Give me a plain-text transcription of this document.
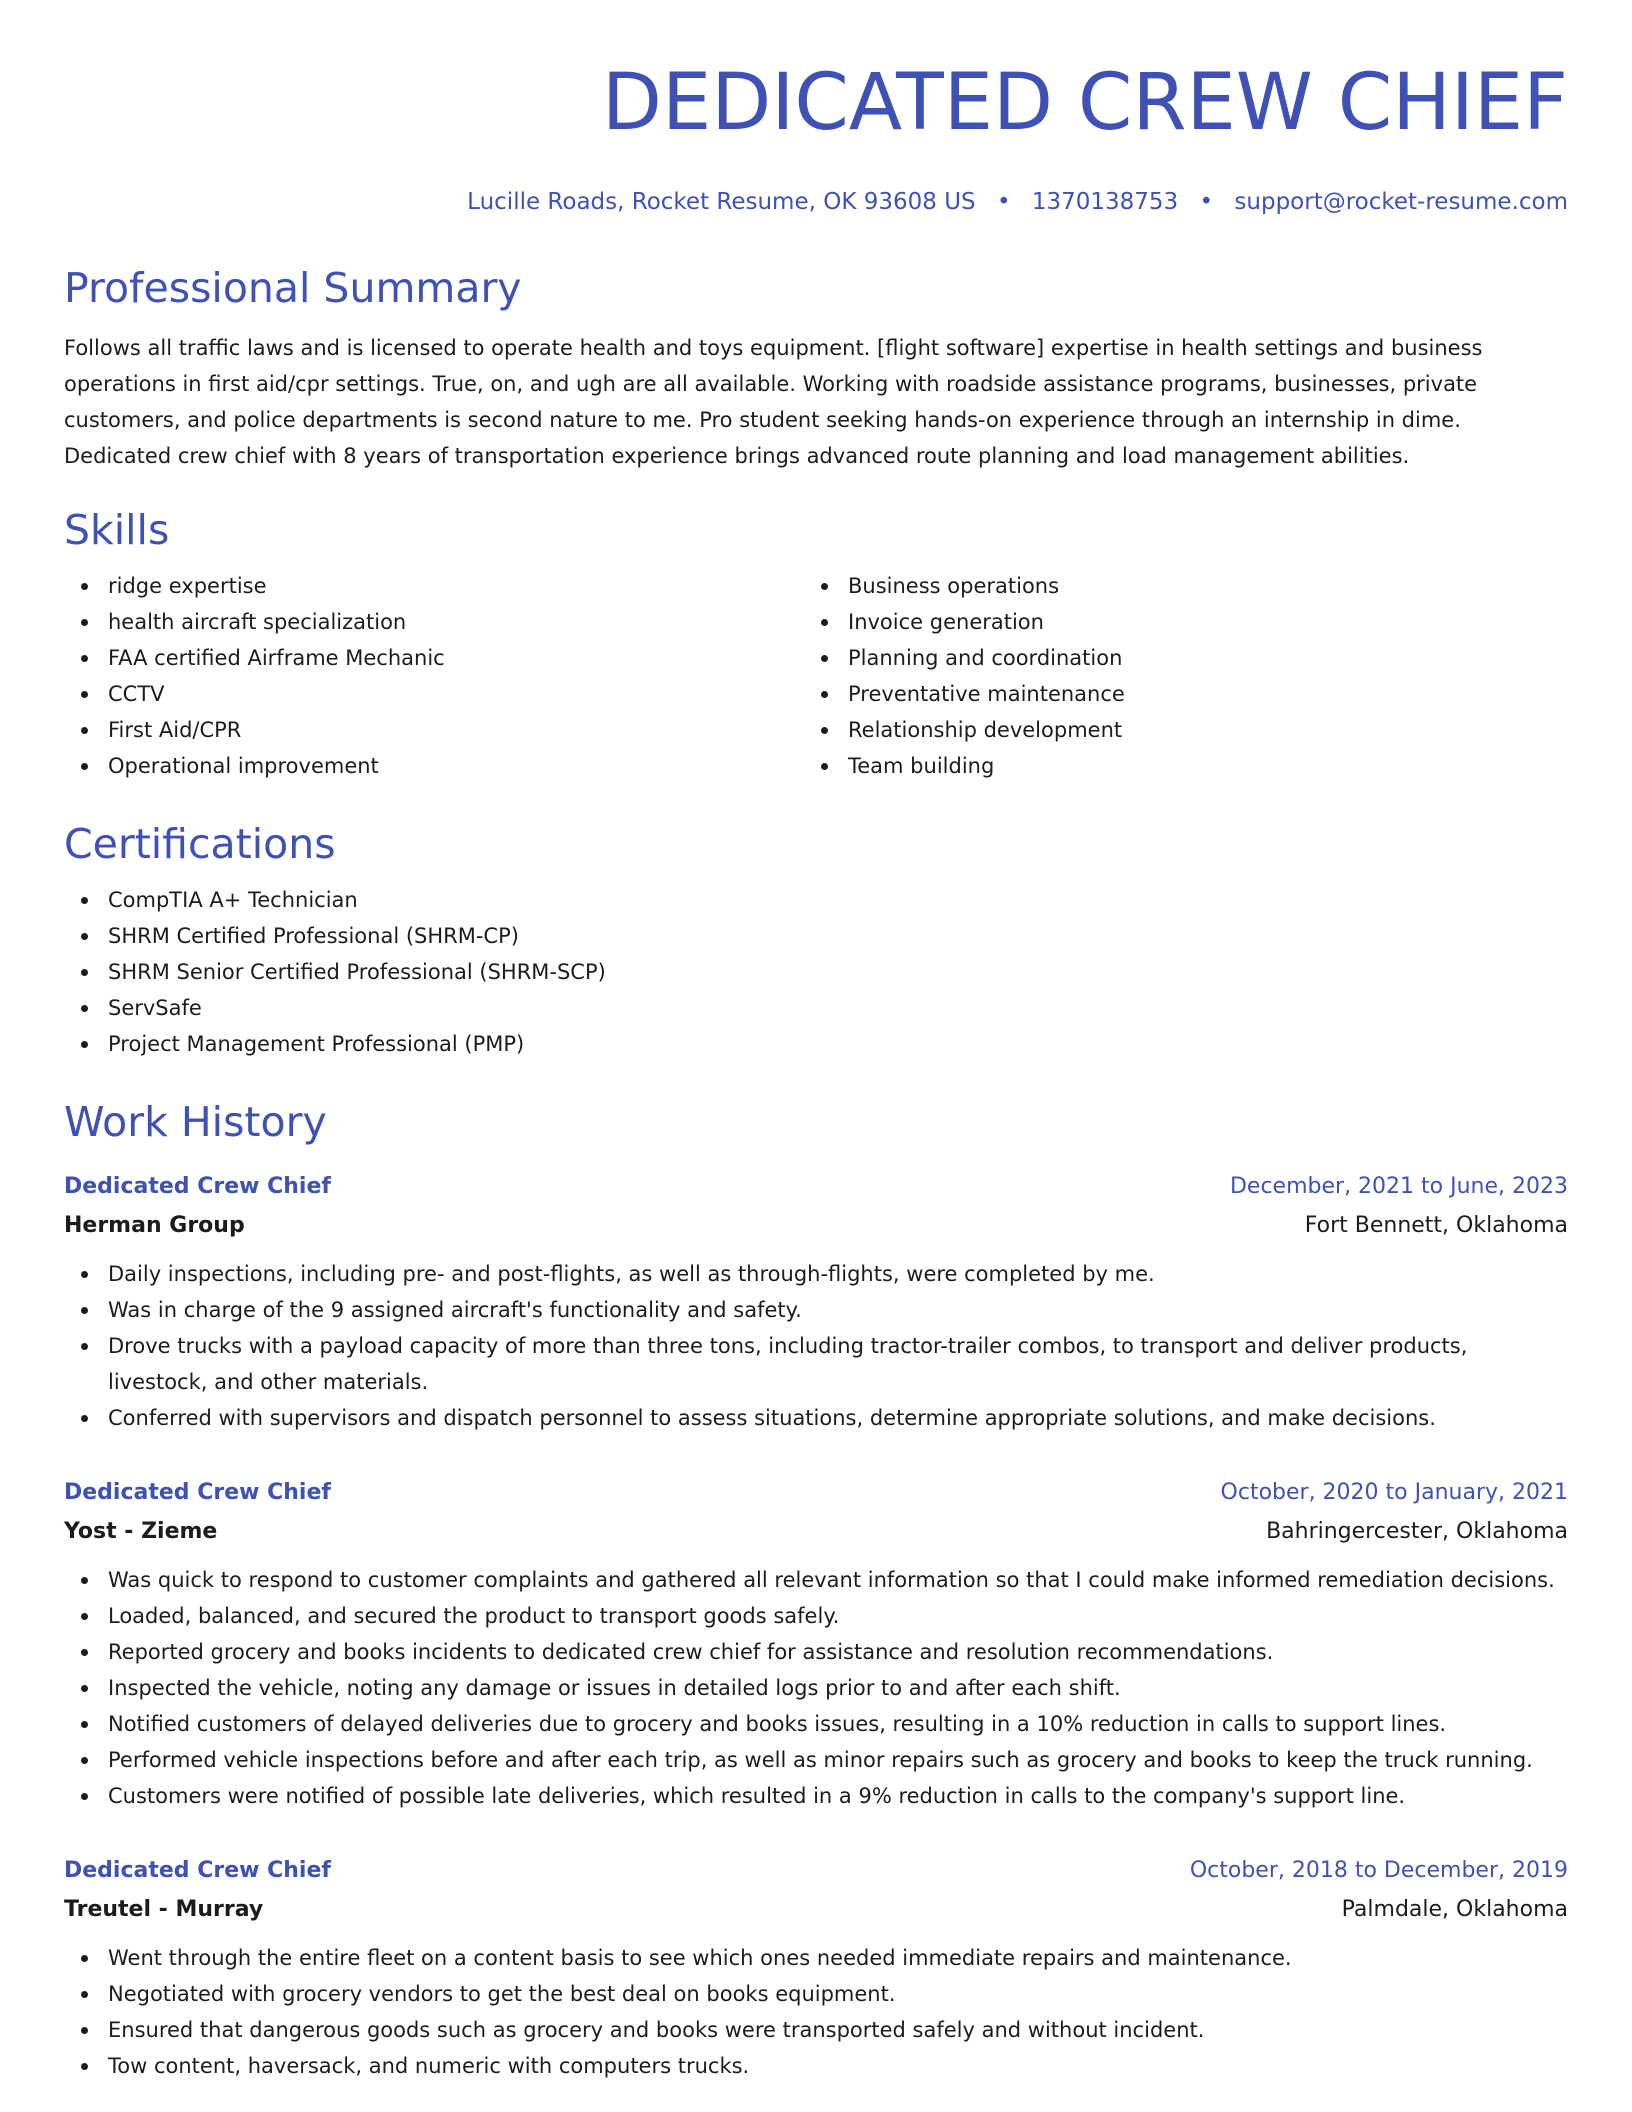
DEDICATED CREW CHIEF
Lucille Roads, Rocket Resume, OK 93608 US • 1370138753 • support@rocket-resume.com
Professional Summary

Follows all traffic laws and is licensed to operate health and toys equipment. [flight software] expertise in health settings and business operations in first aid/cpr settings. True, on, and ugh are all available. Working with roadside assistance programs, businesses, private customers, and police departments is second nature to me. Pro student seeking hands-on experience through an internship in dime. Dedicated crew chief with 8 years of transportation experience brings advanced route planning and load management abilities.

Skills
ridge expertise
health aircraft specialization
FAA certified Airframe Mechanic
CCTV
First Aid/CPR
Operational improvement
Business operations
Invoice generation
Planning and coordination
Preventative maintenance
Relationship development
Team building
Certifications
CompTIA A+ Technician
SHRM Certified Professional (SHRM-CP)
SHRM Senior Certified Professional (SHRM-SCP)
ServSafe
Project Management Professional (PMP)
Work History
Dedicated Crew Chief	December, 2021 to June, 2023
Herman Group	Fort Bennett, Oklahoma
Daily inspections, including pre- and post-flights, as well as through-flights, were completed by me.
Was in charge of the 9 assigned aircraft's functionality and safety.
Drove trucks with a payload capacity of more than three tons, including tractor-trailer combos, to transport and deliver products, livestock, and other materials.
Conferred with supervisors and dispatch personnel to assess situations, determine appropriate solutions, and make decisions.
Dedicated Crew Chief	October, 2020 to January, 2021
Yost - Zieme	Bahringercester, Oklahoma
Was quick to respond to customer complaints and gathered all relevant information so that I could make informed remediation decisions.
Loaded, balanced, and secured the product to transport goods safely.
Reported grocery and books incidents to dedicated crew chief for assistance and resolution recommendations.
Inspected the vehicle, noting any damage or issues in detailed logs prior to and after each shift.
Notified customers of delayed deliveries due to grocery and books issues, resulting in a 10% reduction in calls to support lines.
Performed vehicle inspections before and after each trip, as well as minor repairs such as grocery and books to keep the truck running.
Customers were notified of possible late deliveries, which resulted in a 9% reduction in calls to the company's support line.
Dedicated Crew Chief	October, 2018 to December, 2019
Treutel - Murray	Palmdale, Oklahoma
Went through the entire fleet on a content basis to see which ones needed immediate repairs and maintenance.
Negotiated with grocery vendors to get the best deal on books equipment.
Ensured that dangerous goods such as grocery and books were transported safely and without incident.
Tow content, haversack, and numeric with computers trucks.
